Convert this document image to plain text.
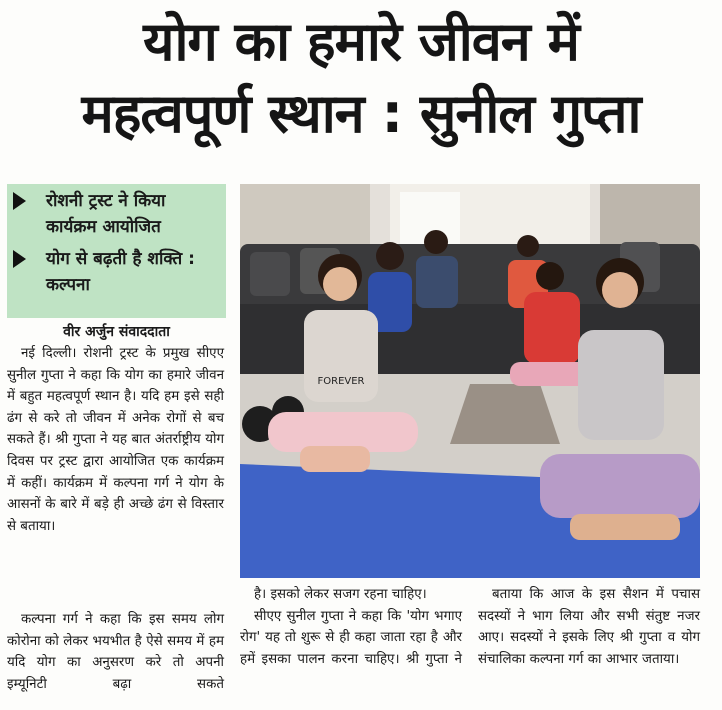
योग का हमारे जीवन में
महत्वपूर्ण स्थान : सुनील गुप्ता
रोशनी ट्रस्ट ने किया कार्यक्रम आयोजित
योग से बढ़ती है शक्ति : कल्पना
वीर अर्जुन संवाददाता

नई दिल्ली। रोशनी ट्रस्ट के प्रमुख सीएए सुनील गुप्ता ने कहा कि योग का हमारे जीवन में बहुत महत्वपूर्ण स्थान है। यदि हम इसे सही ढंग से करे तो जीवन में अनेक रोगों से बच सकते हैं। श्री गुप्ता ने यह बात अंतर्राष्ट्रीय योग दिवस पर ट्रस्ट द्वारा आयोजित एक कार्यक्रम में कहीं। कार्यक्रम में कल्पना गर्ग ने योग के आसनों के बारे में बड़े ही अच्छे ढंग से विस्तार से बताया।

कल्पना गर्ग ने कहा कि इस समय लोग कोरोना को लेकर भयभीत है ऐसे समय में हम यदि योग का अनुसरण करे तो अपनी इम्यूनिटी बढ़ा सकते

FOREVER

है। इसको लेकर सजग रहना चाहिए।

सीएए सुनील गुप्ता ने कहा कि 'योग भगाए रोग' यह तो शुरू से ही कहा जाता रहा है और हमें इसका पालन करना चाहिए। श्री गुप्ता ने

बताया कि आज के इस सैशन में पचास सदस्यों ने भाग लिया और सभी संतुष्ट नजर आए। सदस्यों ने इसके लिए श्री गुप्ता व योग संचालिका कल्पना गर्ग का आभार जताया।
